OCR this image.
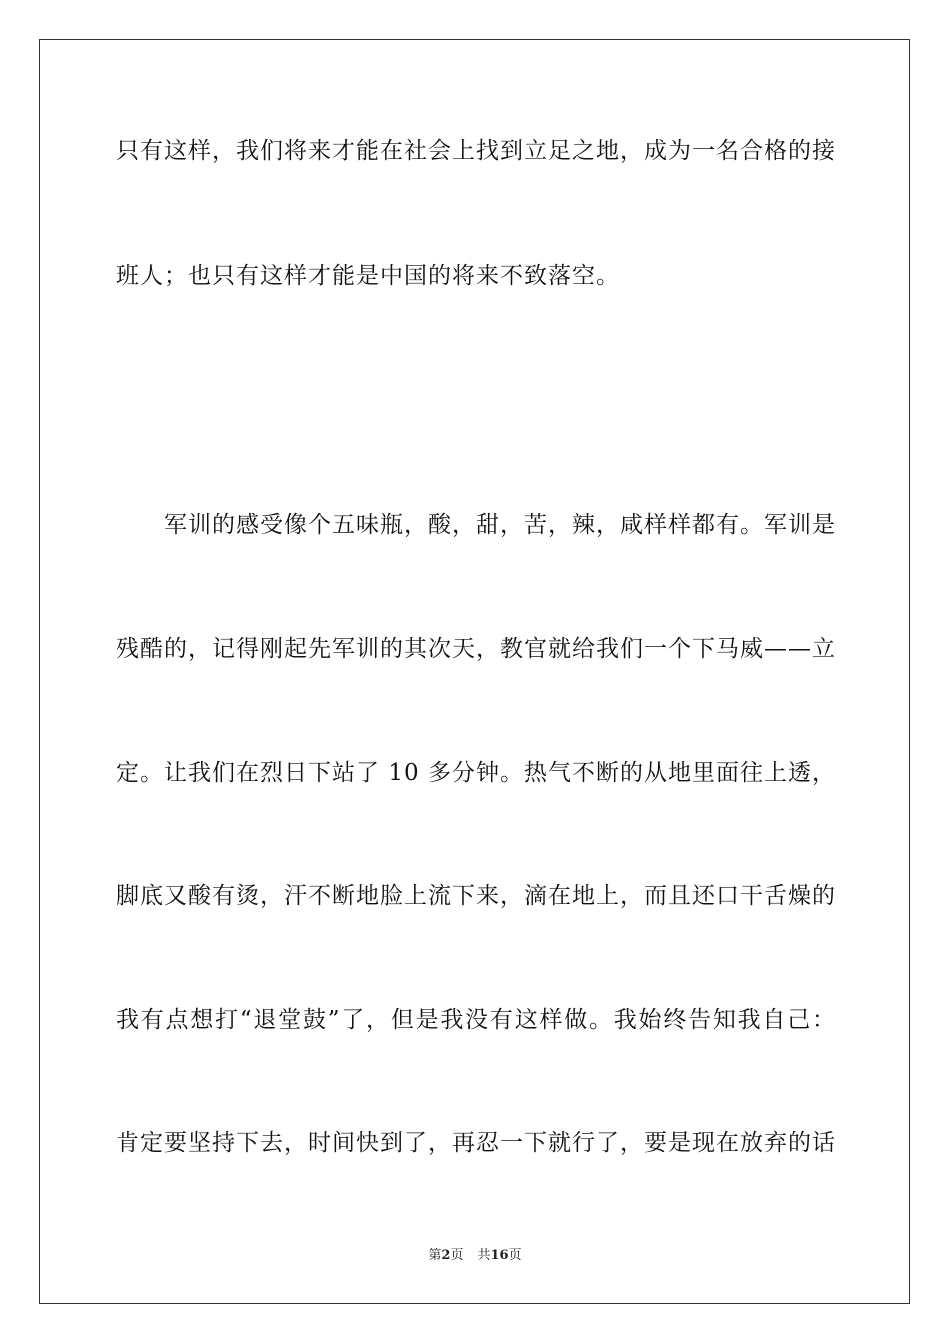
只有这样，我们将来才能在社会上找到立足之地，成为一名合格的接
班人；也只有这样才能是中国的将来不致落空。
军训的感受像个五味瓶，酸，甜，苦，辣，咸样样都有。军训是
残酷的，记得刚起先军训的其次天，教官就给我们一个下马威——立
定。让我们在烈日下站了 10 多分钟。热气不断的从地里面往上透，
脚底又酸有烫，汗不断地脸上流下来，滴在地上，而且还口干舌燥的
我有点想打“退堂鼓”了，但是我没有这样做。我始终告知我自己：
肯定要坚持下去，时间快到了，再忍一下就行了，要是现在放弃的话
第2页 共16页
